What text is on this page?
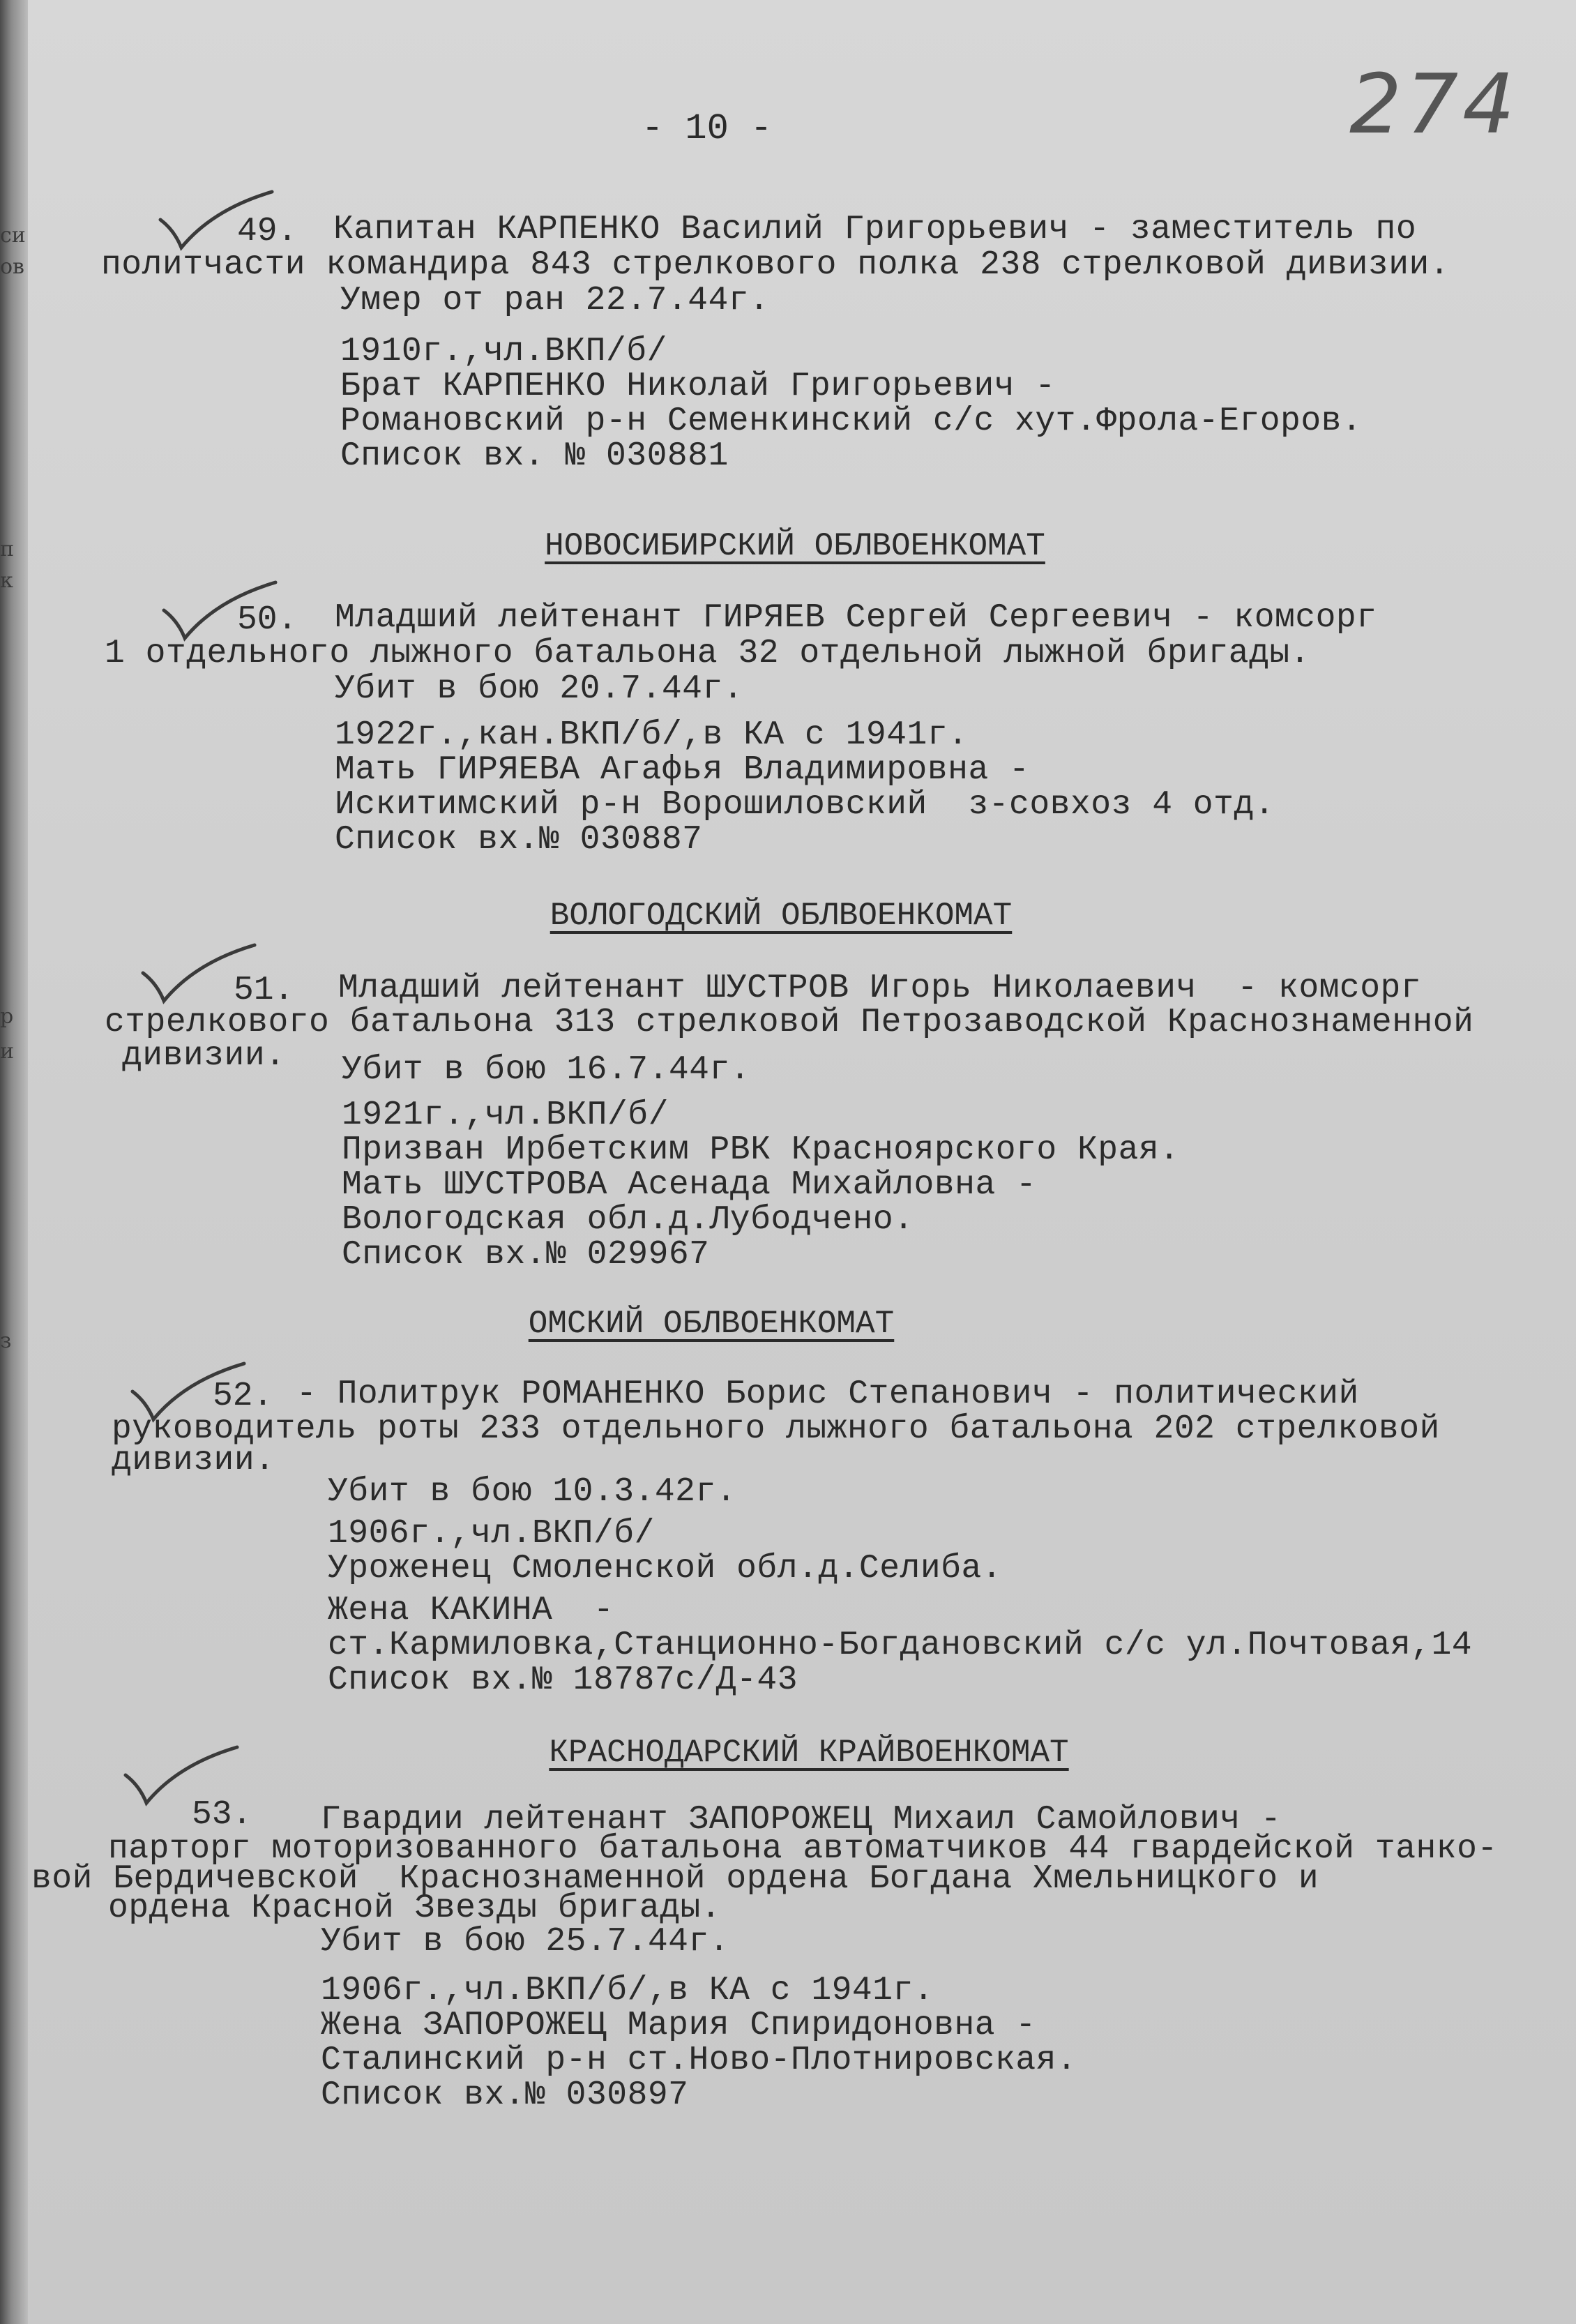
си
ов
п
к
р
и
з
- 10 -	274
49. Капитан КАРПЕНКО Василий Григорьевич - заместитель по
политчасти командира 843 стрелкового полка 238 стрелковой дивизии.
Умер от ран 22.7.44г.
1910г.,чл.ВКП/б/
Брат КАРПЕНКО Николай Григорьевич -
Романовский р-н Семенкинский с/с хут.Фрола-Егоров.
Список вх. № 030881
НОВОСИБИРСКИЙ ОБЛВОЕНКОМАТ
50. Младший лейтенант ГИРЯЕВ Сергей Сергеевич - комсорг
1 отдельного лыжного батальона 32 отдельной лыжной бригады.
Убит в бою 20.7.44г.
1922г.,кан.ВКП/б/,в КА с 1941г.
Мать ГИРЯЕВА Агафья Владимировна -
Искитимский р-н Ворошиловский  з-совхоз 4 отд.
Список вх.№ 030887
ВОЛОГОДСКИЙ ОБЛВОЕНКОМАТ
51. Младший лейтенант ШУСТРОВ Игорь Николаевич  - комсорг
стрелкового батальона 313 стрелковой Петрозаводской Краснознаменной
дивизии. Убит в бою 16.7.44г.
1921г.,чл.ВКП/б/
Призван Ирбетским РВК Красноярского Края.
Мать ШУСТРОВА Асенада Михайловна -
Вологодская обл.д.Лубодчено.
Список вх.№ 029967
ОМСКИЙ ОБЛВОЕНКОМАТ
52. - Политрук РОМАНЕНКО Борис Степанович - политический
руководитель роты 233 отдельного лыжного батальона 202 стрелковой
дивизии.
Убит в бою 10.3.42г.
1906г.,чл.ВКП/б/
Уроженец Смоленской обл.д.Селиба.
Жена КАКИНА  -
ст.Кармиловка,Станционно-Богдановский с/с ул.Почтовая,14
Список вх.№ 18787с/Д-43
КРАСНОДАРСКИЙ КРАЙВОЕНКОМАТ
53. Гвардии лейтенант ЗАПОРОЖЕЦ Михаил Самойлович -
парторг моторизованного батальона автоматчиков 44 гвардейской танко-
вой Бердичевской  Краснознаменной ордена Богдана Хмельницкого и
ордена Красной Звезды бригады.
Убит в бою 25.7.44г.
1906г.,чл.ВКП/б/,в КА с 1941г.
Жена ЗАПОРОЖЕЦ Мария Спиридоновна -
Сталинский р-н ст.Ново-Плотнировская.
Список вх.№ 030897
